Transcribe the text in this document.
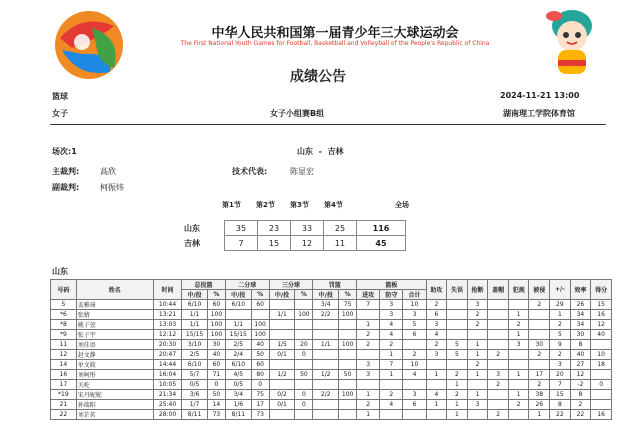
中华人民共和国第一届青少年三大球运动会
The First National Youth Games for Football, Basketball and Volleyball of the People's Republic of China
成绩公告
篮球	2024-11-21 13:00
女子	女子小组赛B组	湖南理工学院体育馆
场次:1	山东 - 吉林
主裁判:	高欣	技术代表:	陈显宏
副裁判:	柯振炜
第1节 第2节 第3节 第4节	全场
山东	35	23	33	25	116
吉林	7	15	12	11	45
山东
号码	姓名	时间	总投篮		二分球		三分球		罚篮		篮板			助攻	失误	抢断	盖帽	犯规	被侵	+/-	效率	得分
			中/投	%	中/投	%	中/投	%	中/投	%	进攻	防守	合计									
5	姜雅琦	10:44	6/10	60	6/10	60			3/4	75	7	3	10	2		3			2	29	26	15
*6	张婧	13:21	1/1	100			1/1	100	2/2	100		3	3	6		2		1		1	34	16
*8	姚子萱	13:03	1/1	100	1/1	100					1	4	5	3		2		2		2	34	12
*9	张子宇	12:12	15/15	100	15/15	100					2	4	6	4				1		5	30	40
11	刘佳语	20:30	3/10	30	2/5	40	1/5	20	1/1	100	2	2		2	5	1		3	30	9	8	
12	赵文静	20:47	2/5	40	2/4	50	0/1	0				1	2	3	5	1	2		2	2	40	10
14	单文筱	14:44	6/10	60	6/10	60					3	7	10			2				3	27	18
16	刘柯彤	16:04	5/7	71	4/5	80	1/2	50	1/2	50	3	1	4	1	2	1	3	1	17	20	12	
17	关屹	10:05	0/5	0	0/5	0									1		2		2	7	-2	0
*19	宋丹妮妮	21:34	3/6	50	3/4	75	0/2	0	2/2	100	1	2	3	4	2	1		1	38	15	8	
21	孙瑞阳	25:40	1/7	14	1/6	17	0/1	0			2	4	6	1	1	3		2	26	8	2	
22	刘芷茗	28:00	8/11	73	8/11	73					1				1		2		1	22	22	16
